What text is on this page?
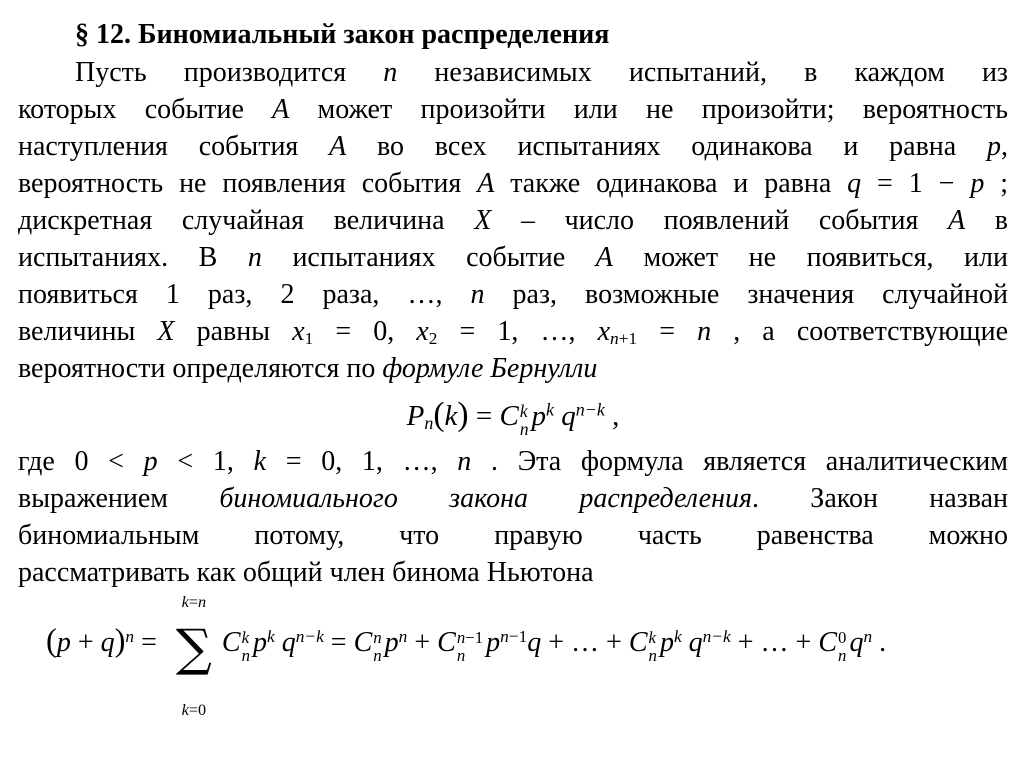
§ 12. Биномиальный закон распределения
Пусть производится n независимых испытаний, в каждом из
которых событие А может произойти или не произойти; вероятность
наступления события А во всех испытаниях одинакова и равна p,
вероятность не появления события А также одинакова и равна q = 1 − p ;
дискретная случайная величина X – число появлений события А в
испытаниях. В n испытаниях событие А может не появиться, или
появиться 1 раз, 2 раза, …, n раз, возможные значения случайной
величины X равны $x_1 = 0$, $x_2 = 1$, …, $x_{n+1} = n$ , а соответствующие
вероятности определяются по формуле Бернулли
$P_n(k) = C$ k
n $p^k$ $q^{n-k}$ ,
где 0 < p < 1, k = 0, 1, …, n . Эта формула является аналитическим
выражением биномиального закона распределения. Закон назван
биномиальным потому, что правую часть равенства можно
рассматривать как общий член бинома Ньютона
$(p + q)^n$ =
k=n
∑
k=0
C k
n $p^k$ $q^{n-k} = C$ n
n $p^n + C$ n−1
n $p^{n-1}q$ + … + C k
n $p^k$ $q^{n-k}$ + … + C 0
n $q^n$ .
